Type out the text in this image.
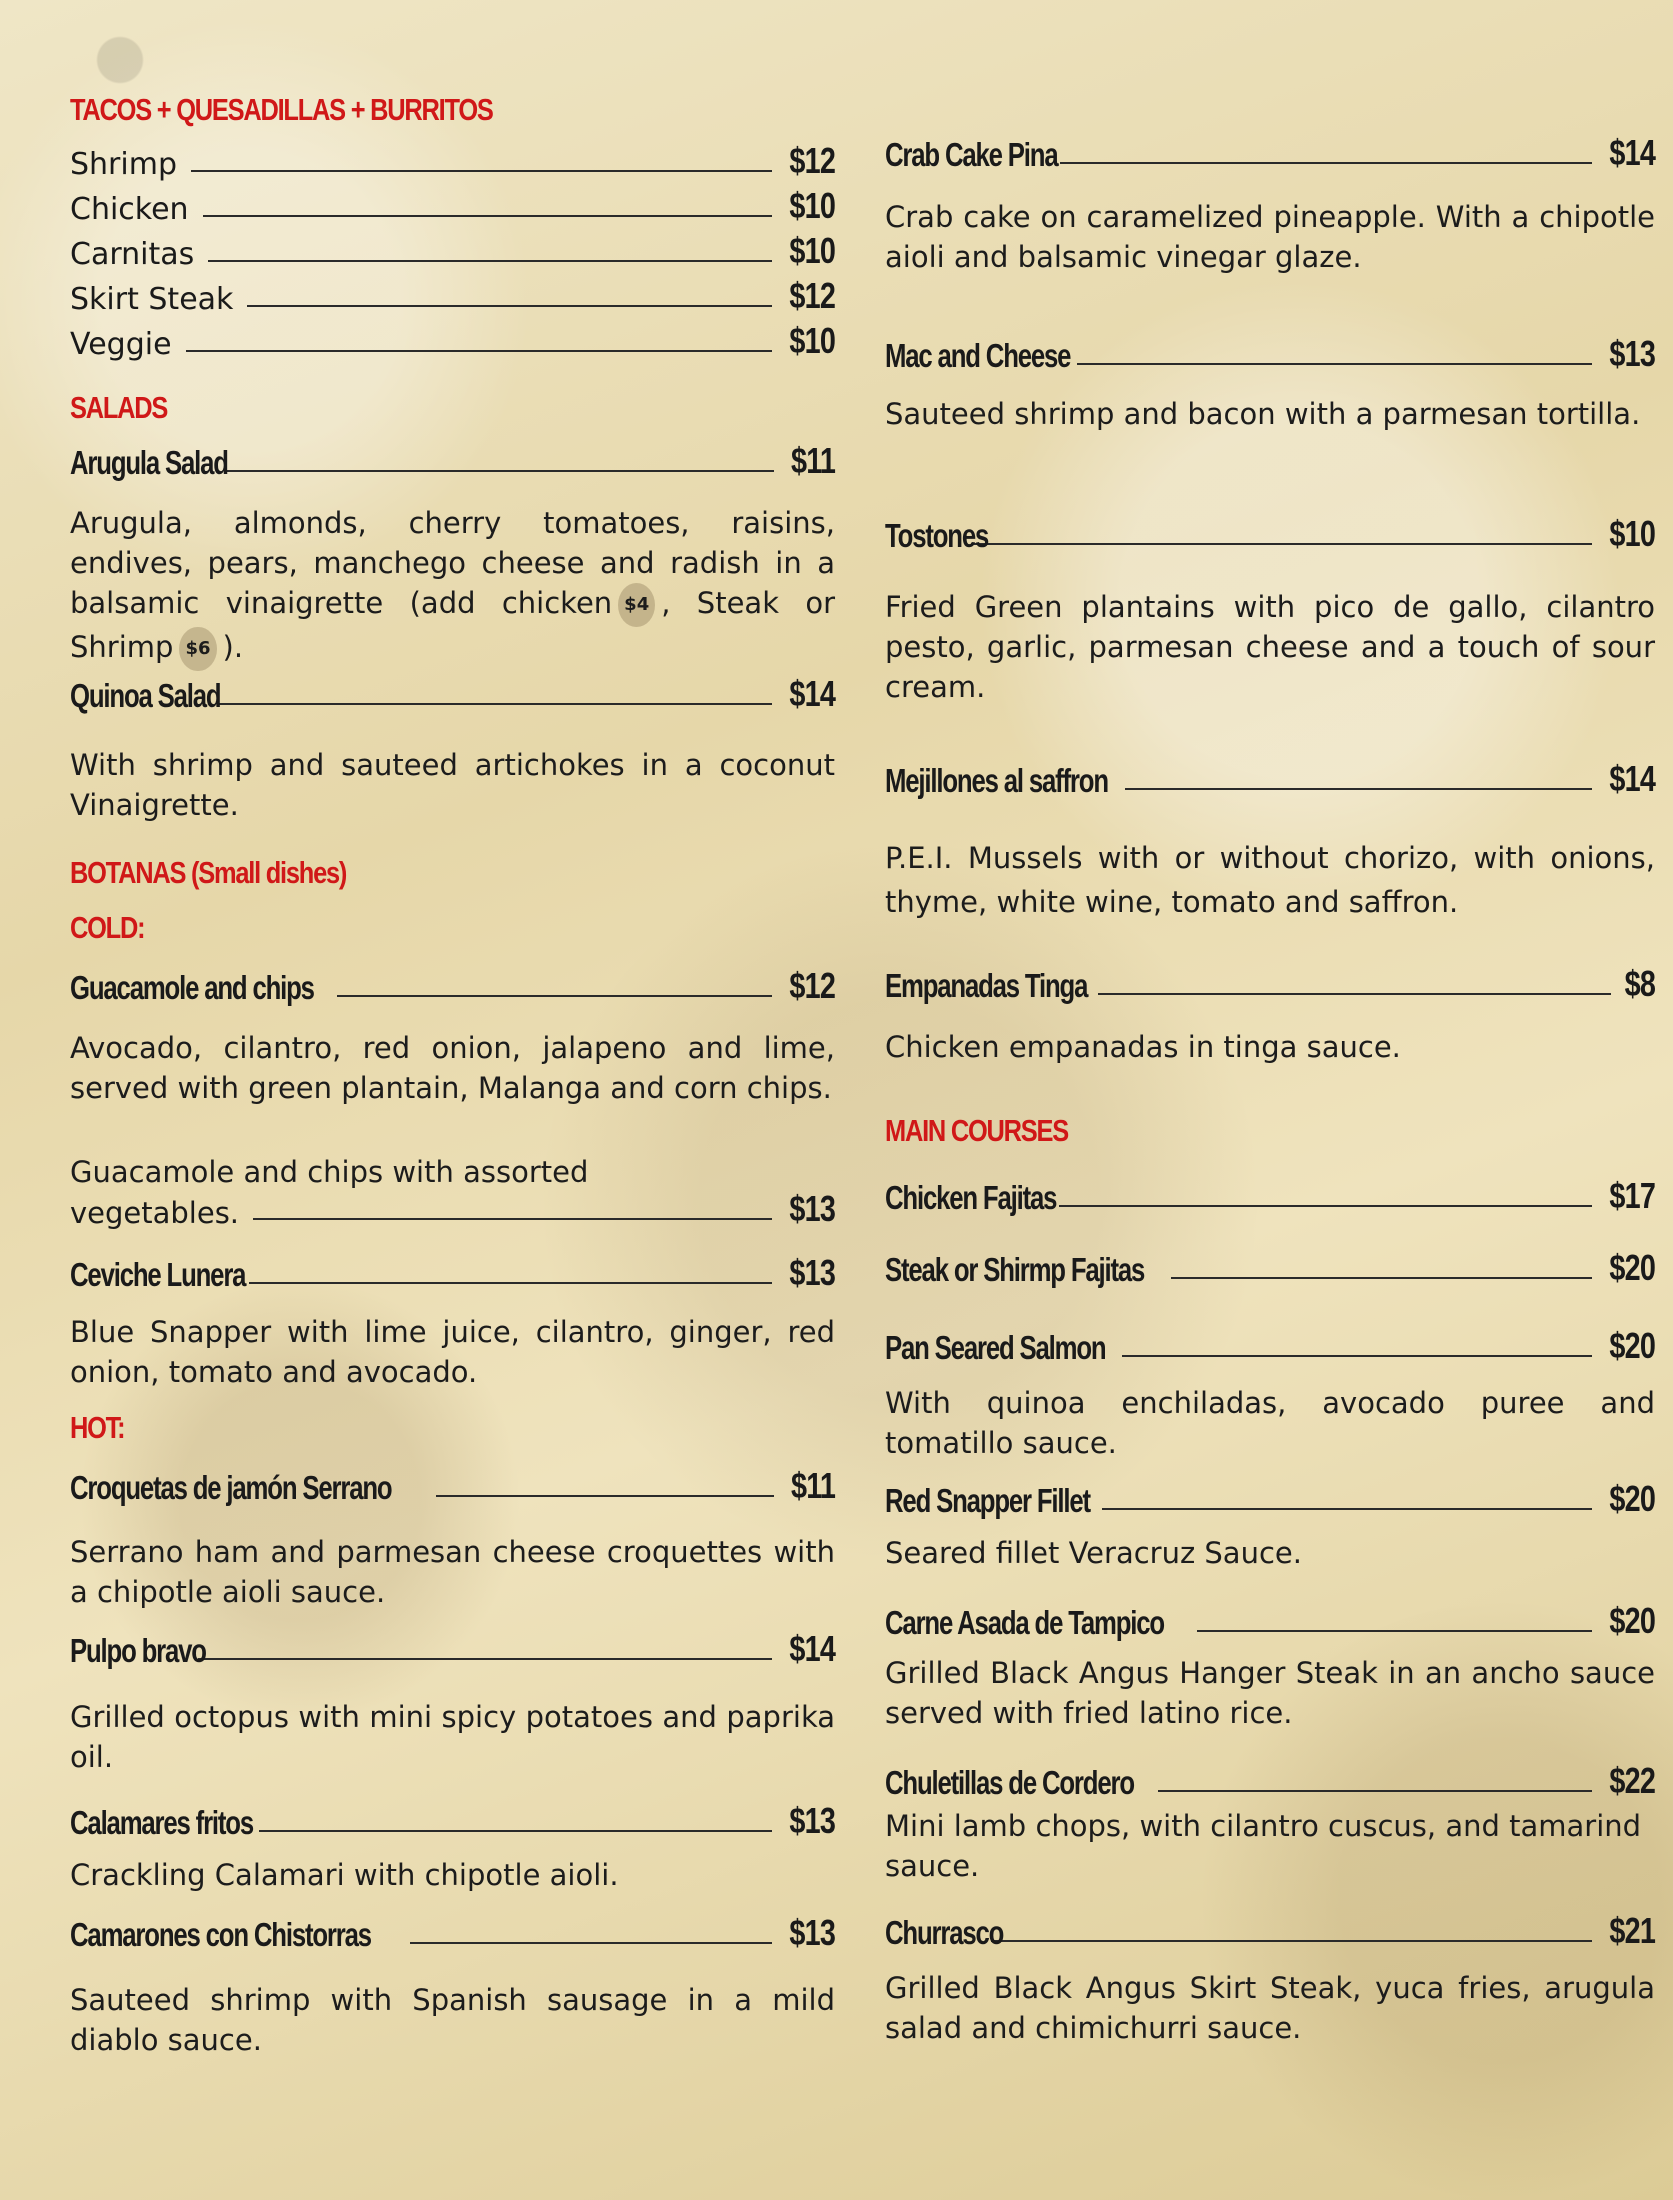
TACOS + QUESADILLAS + BURRITOS
Shrimp	$12
Chicken	$10
Carnitas	$10
Skirt Steak	$12
Veggie	$10
SALADS
Arugula Salad	$11
Arugula, almonds, cherry tomatoes, raisins, endives, pears, manchego cheese and radish in a balsamic vinaigrette (add chicken $4 , Steak or Shrimp $6 ).
Quinoa Salad	$14
With shrimp and sauteed artichokes in a coconut Vinaigrette.
BOTANAS (Small dishes)
COLD:
Guacamole and chips	$12
Avocado, cilantro, red onion, jalapeno and lime, served with green plantain, Malanga and corn chips.
Guacamole and chips with assorted
vegetables.	$13
Ceviche Lunera	$13
Blue Snapper with lime juice, cilantro, ginger, red onion, tomato and avocado.
HOT:
Croquetas de jamón Serrano	$11
Serrano ham and parmesan cheese croquettes with a chipotle aioli sauce.
Pulpo bravo	$14
Grilled octopus with mini spicy potatoes and paprika oil.
Calamares fritos	$13
Crackling Calamari with chipotle aioli.
Camarones con Chistorras	$13
Sauteed shrimp with Spanish sausage in a mild diablo sauce.
Crab Cake Pina	$14
Crab cake on caramelized pineapple. With a chipotle aioli and balsamic vinegar glaze.
Mac and Cheese	$13
Sauteed shrimp and bacon with a parmesan tortilla.
Tostones	$10
Fried Green plantains with pico de gallo, cilantro pesto, garlic, parmesan cheese and a touch of sour cream.
Mejillones al saffron	$14
P.E.I. Mussels with or without chorizo, with onions, thyme, white wine, tomato and saffron.
Empanadas Tinga	$8
Chicken empanadas in tinga sauce.
MAIN COURSES
Chicken Fajitas	$17
Steak or Shirmp Fajitas	$20
Pan Seared Salmon	$20
With quinoa enchiladas, avocado puree and tomatillo sauce.
Red Snapper Fillet	$20
Seared fillet Veracruz Sauce.
Carne Asada de Tampico	$20
Grilled Black Angus Hanger Steak in an ancho sauce served with fried latino rice.
Chuletillas de Cordero	$22
Mini lamb chops, with cilantro cuscus, and tamarind sauce.
Churrasco	$21
Grilled Black Angus Skirt Steak, yuca fries, arugula salad and chimichurri sauce.
